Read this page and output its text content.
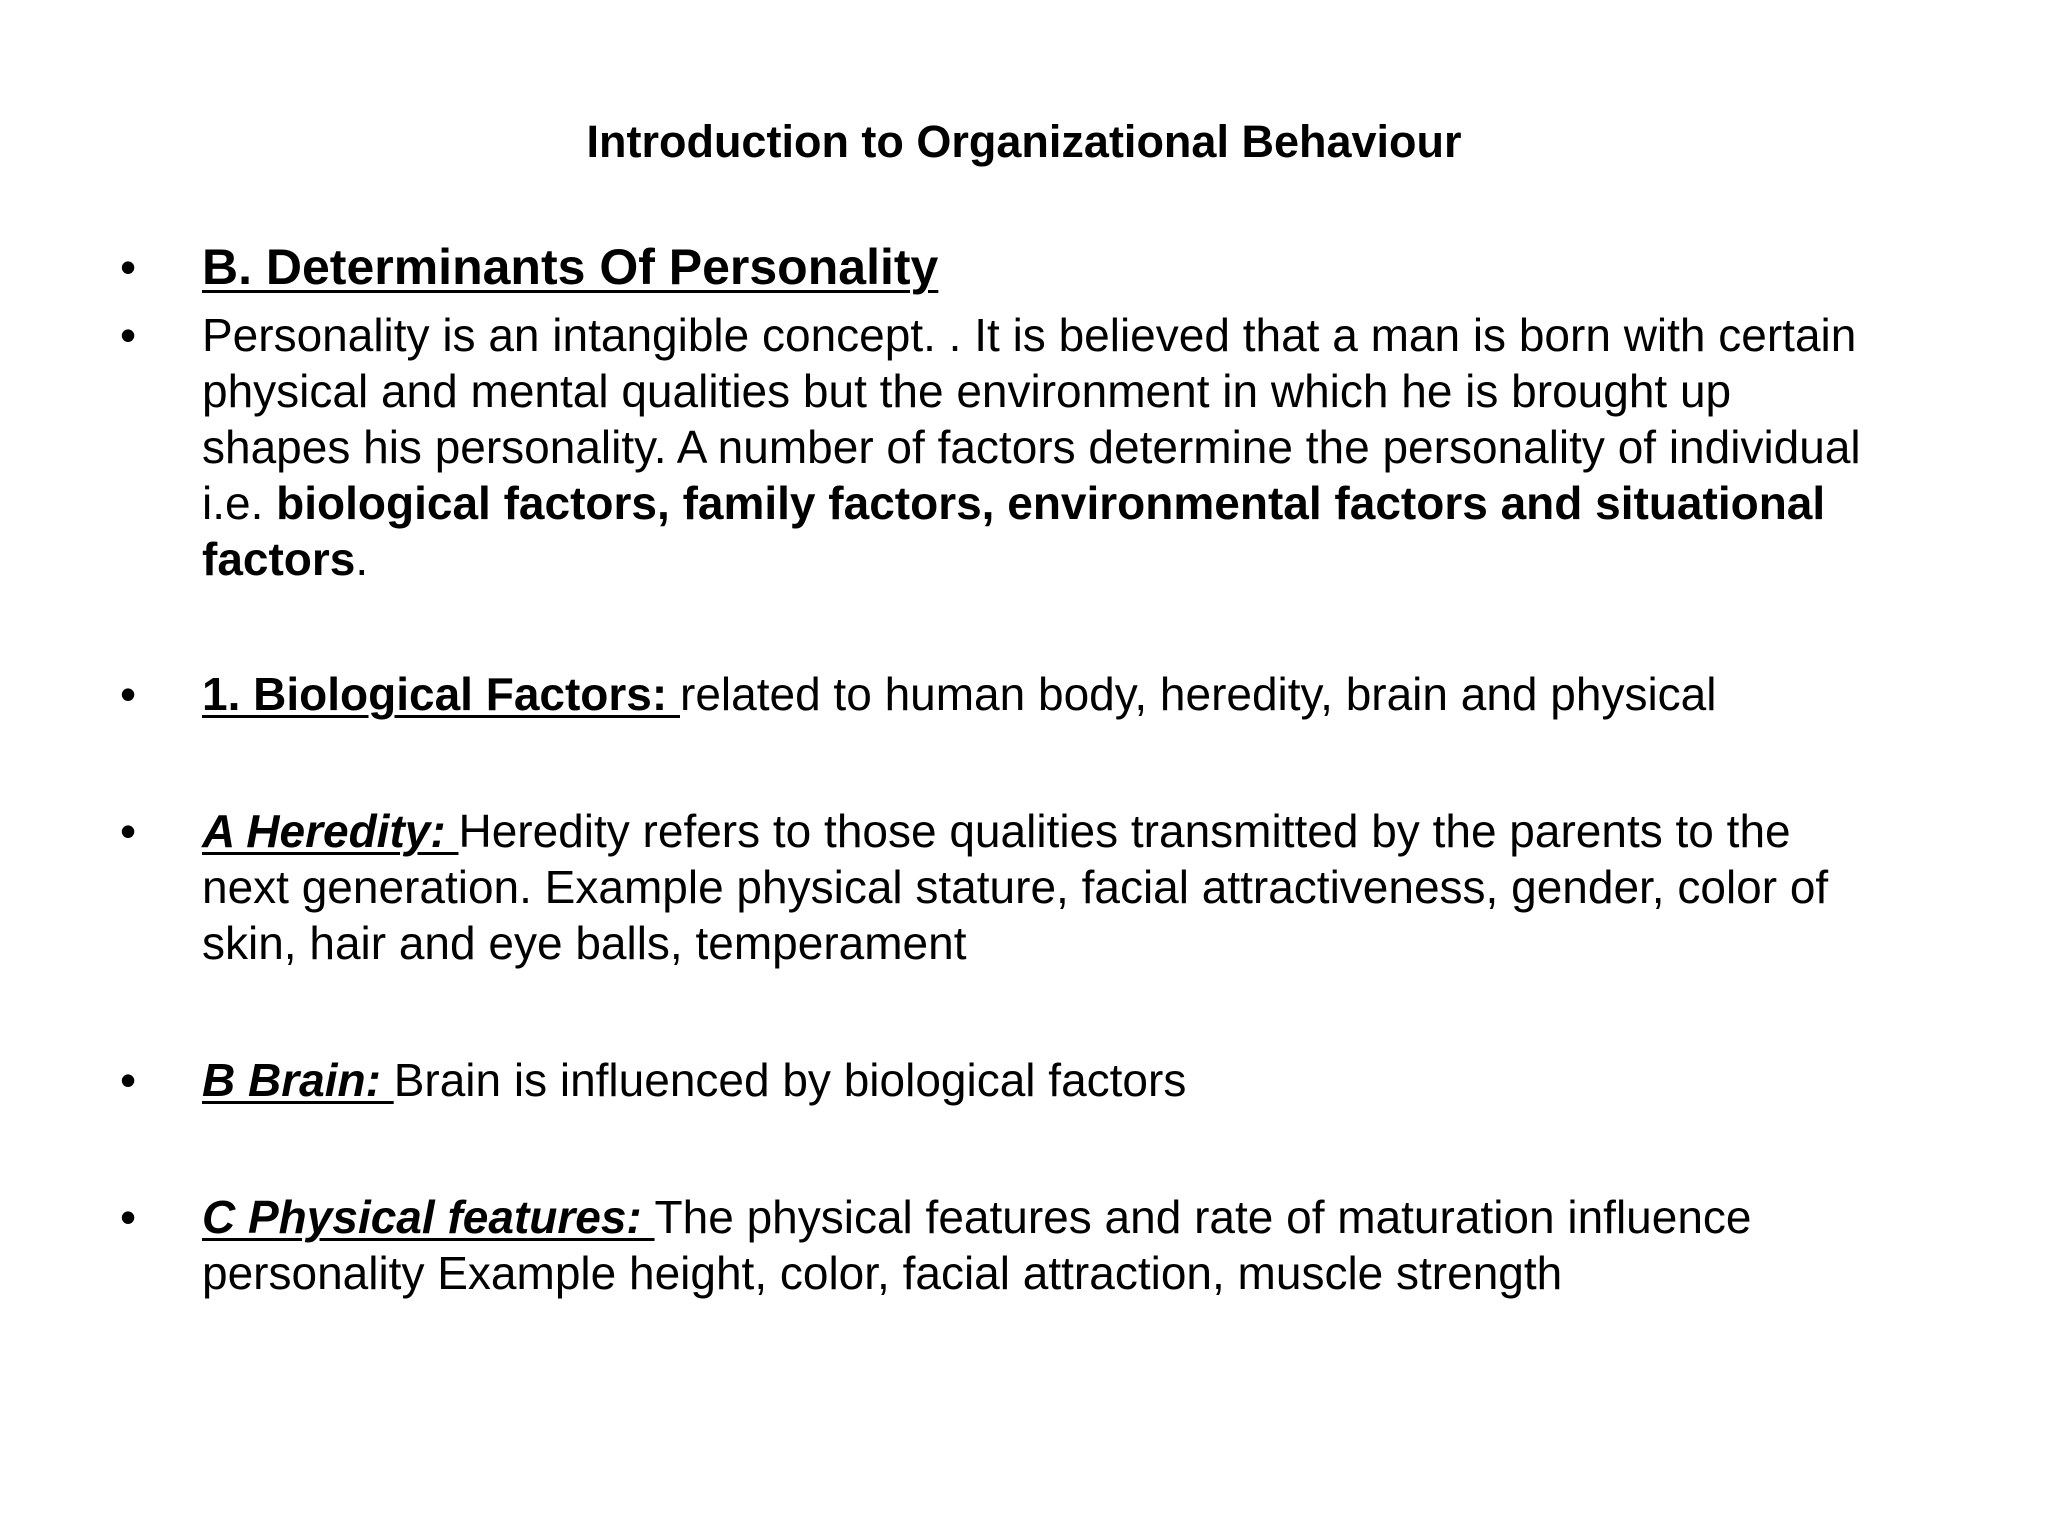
Introduction to Organizational Behaviour
•	B. Determinants Of Personality
•	Personality is an intangible concept. . It is believed that a man is born with certain
physical and mental qualities but the environment in which he is brought up
shapes his personality. A number of factors determine the personality of individual
i.e. biological factors, family factors, environmental factors and situational
factors.
•	1. Biological Factors: related to human body, heredity, brain and physical
•	A Heredity: Heredity refers to those qualities transmitted by the parents to the
next generation. Example physical stature, facial attractiveness, gender, color of
skin, hair and eye balls, temperament
•	B Brain: Brain is influenced by biological factors
•	C Physical features: The physical features and rate of maturation influence
personality Example height, color, facial attraction, muscle strength
